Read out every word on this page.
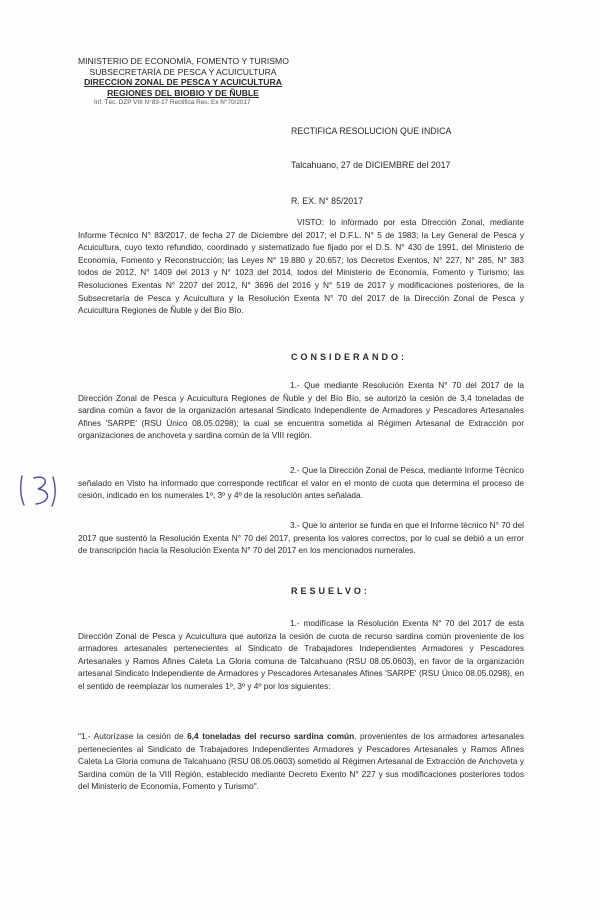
MINISTERIO DE ECONOMÍA, FOMENTO Y TURISMO
SUBSECRETARÍA DE PESCA Y ACUICULTURA
DIRECCION ZONAL DE PESCA Y ACUICULTURA
REGIONES DEL BIOBIO Y DE ÑUBLE
Inf. Téc. DZP VIII N°83-17 Rectifica Res. Ex N°70/2017
RECTIFICA RESOLUCION QUE INDICA
Talcahuano, 27 de DICIEMBRE del 2017
R. EX. N° 85/2017

VISTO: lo informado por esta Dirección Zonal, mediante Informe Técnico N° 83/2017, de fecha 27 de Diciembre del 2017; el D.F.L. N° 5 de 1983; la Ley General de Pesca y Acuicultura, cuyo texto refundido, coordinado y sistematizado fue fijado por el D.S. N° 430 de 1991, del Ministerio de Economía, Fomento y Reconstrucción; las Leyes N° 19.880 y 20.657; los Decretos Exentos, N° 227, N° 285, N° 383 todos de 2012, N° 1409 del 2013 y N° 1023 del 2014, todos del Ministerio de Economía, Fomento y Turismo; las Resoluciones Exentas N° 2207 del 2012, N° 3696 del 2016 y N° 519 de 2017 y modificaciones posteriores, de la Subsecretaría de Pesca y Acuicultura y la Resolución Exenta N° 70 del 2017 de la Dirección Zonal de Pesca y Acuicultura Regiones de Ñuble y del Bío Bío.

CONSIDERANDO:

1.- Que mediante Resolución Exenta N° 70 del 2017 de la Dirección Zonal de Pesca y Acuicultura Regiones de Ñuble y del Bío Bío, se autorizó la cesión de 3,4 toneladas de sardina común a favor de la organización artesanal Sindicato Independiente de Armadores y Pescadores Artesanales Afines 'SARPE' (RSU Único 08.05.0298); la cual se encuentra sometida al Régimen Artesanal de Extracción por organizaciones de anchoveta y sardina común de la VIII región.

2.- Que la Dirección Zonal de Pesca, mediante Informe Técnico señalado en Visto ha informado que corresponde rectificar el valor en el monto de cuota que determina el proceso de cesión, indicado en los numerales 1º, 3º y 4º de la resolución antes señalada.

3.- Que lo anterior se funda en que el Informe técnico N° 70 del 2017 que sustentó la Resolución Exenta N° 70 del 2017, presenta los valores correctos, por lo cual se debió a un error de transcripción hacia la Resolución Exenta N° 70 del 2017 en los mencionados numerales.

RESUELVO:

1.- modifícase la Resolución Exenta N° 70 del 2017 de esta Dirección Zonal de Pesca y Acuicultura que autoriza la cesión de cuota de recurso sardina común proveniente de los armadores artesanales pertenecientes al Sindicato de Trabajadores Independientes Armadores y Pescadores Artesanales y Ramos Afines Caleta La Gloria comuna de Talcahuano (RSU 08.05.0603), en favor de la organización artesanal Sindicato Independiente de Armadores y Pescadores Artesanales Afines 'SARPE' (RSU Único 08.05.0298), en el sentido de reemplazar los numerales 1º, 3º y 4º por los siguientes:

"1.- Autorízase la cesión de 6,4 toneladas del recurso sardina común, provenientes de los armadores artesanales pertenecientes al Sindicato de Trabajadores Independientes Armadores y Pescadores Artesanales y Ramos Afines Caleta La Gloria comuna de Talcahuano (RSU 08.05.0603) sometido al Régimen Artesanal de Extracción de Anchoveta y Sardina común de la VIII Región, establecido mediante Decreto Exento N° 227 y sus modificaciones posteriores todos del Ministerio de Economía, Fomento y Turismo".
